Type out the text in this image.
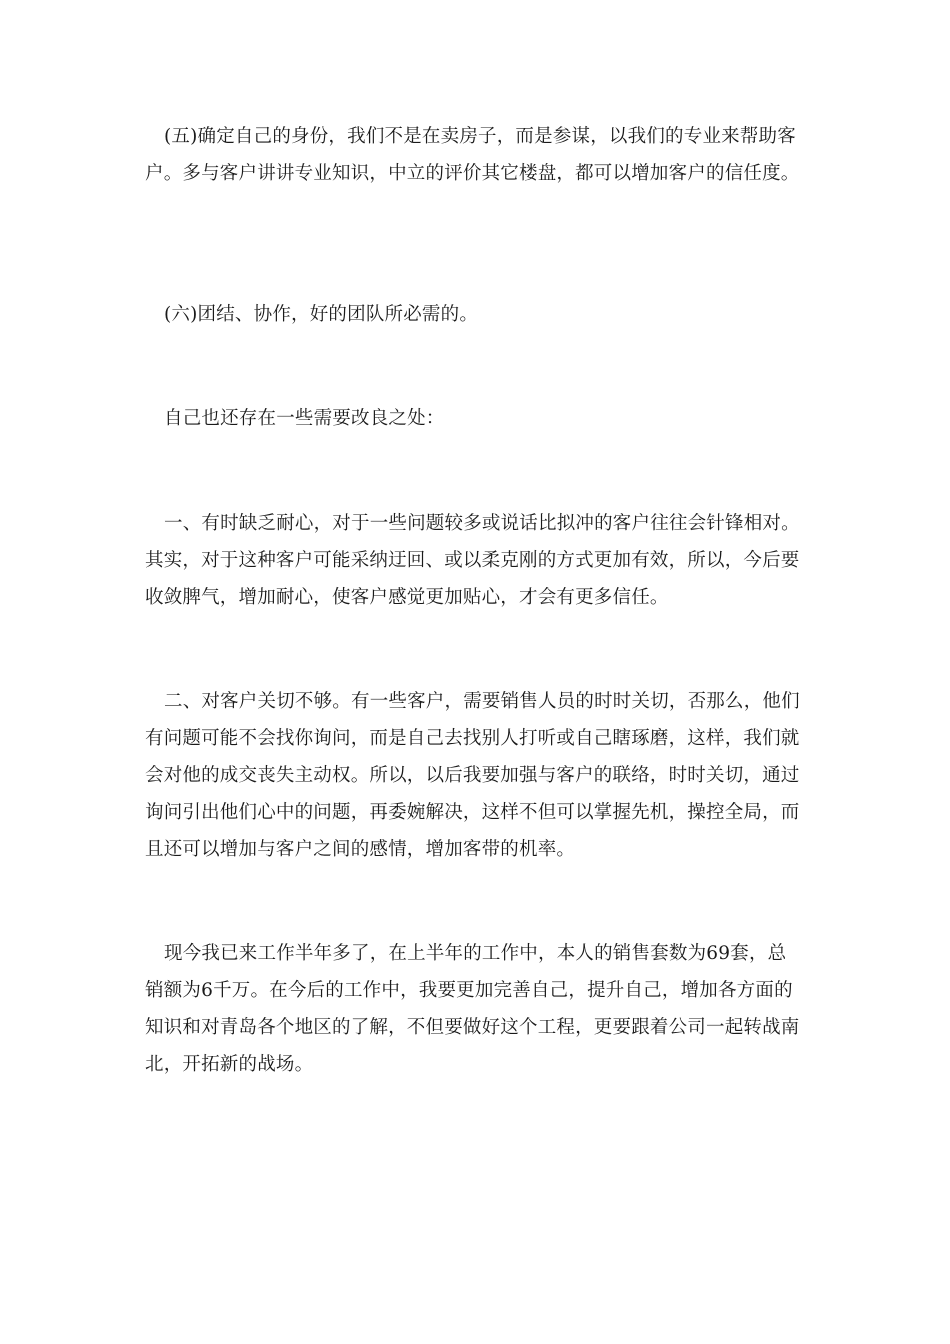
(五)确定自己的身份，我们不是在卖房子，而是参谋，以我们的专业来帮助客户。多与客户讲讲专业知识，中立的评价其它楼盘，都可以增加客户的信任度。

(六)团结、协作，好的团队所必需的。

自己也还存在一些需要改良之处：

一、有时缺乏耐心，对于一些问题较多或说话比拟冲的客户往往会针锋相对。其实，对于这种客户可能采纳迂回、或以柔克刚的方式更加有效，所以，今后要收敛脾气，增加耐心，使客户感觉更加贴心，才会有更多信任。

二、对客户关切不够。有一些客户，需要销售人员的时时关切，否那么，他们有问题可能不会找你询问，而是自己去找别人打听或自己瞎琢磨，这样，我们就会对他的成交丧失主动权。所以，以后我要加强与客户的联络，时时关切，通过询问引出他们心中的问题，再委婉解决，这样不但可以掌握先机，操控全局，而且还可以增加与客户之间的感情，增加客带的机率。

现今我已来工作半年多了，在上半年的工作中，本人的销售套数为69套，总销额为6千万。在今后的工作中，我要更加完善自己，提升自己，增加各方面的知识和对青岛各个地区的了解，不但要做好这个工程，更要跟着公司一起转战南北，开拓新的战场。
